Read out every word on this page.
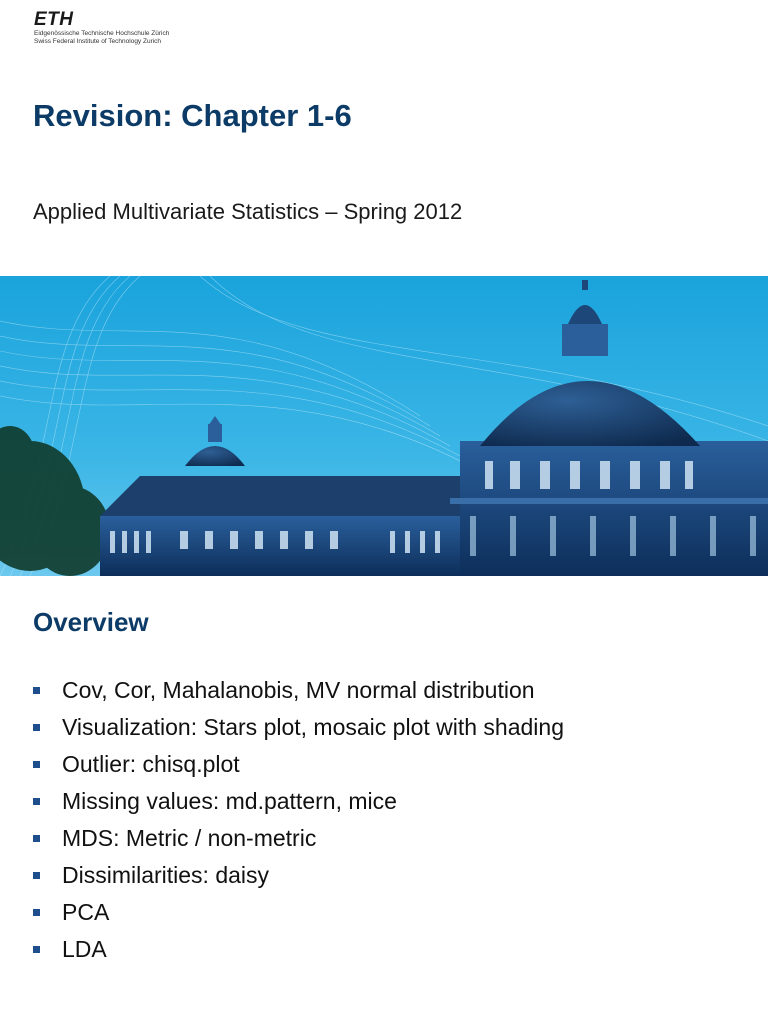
ETH
Eidgenössische Technische Hochschule Zürich
Swiss Federal Institute of Technology Zurich
Revision: Chapter 1-6

Applied Multivariate Statistics – Spring 2012

Overview
Cov, Cor, Mahalanobis, MV normal distribution
Visualization: Stars plot, mosaic plot with shading
Outlier: chisq.plot
Missing values: md.pattern, mice
MDS: Metric / non-metric
Dissimilarities: daisy
PCA
LDA
